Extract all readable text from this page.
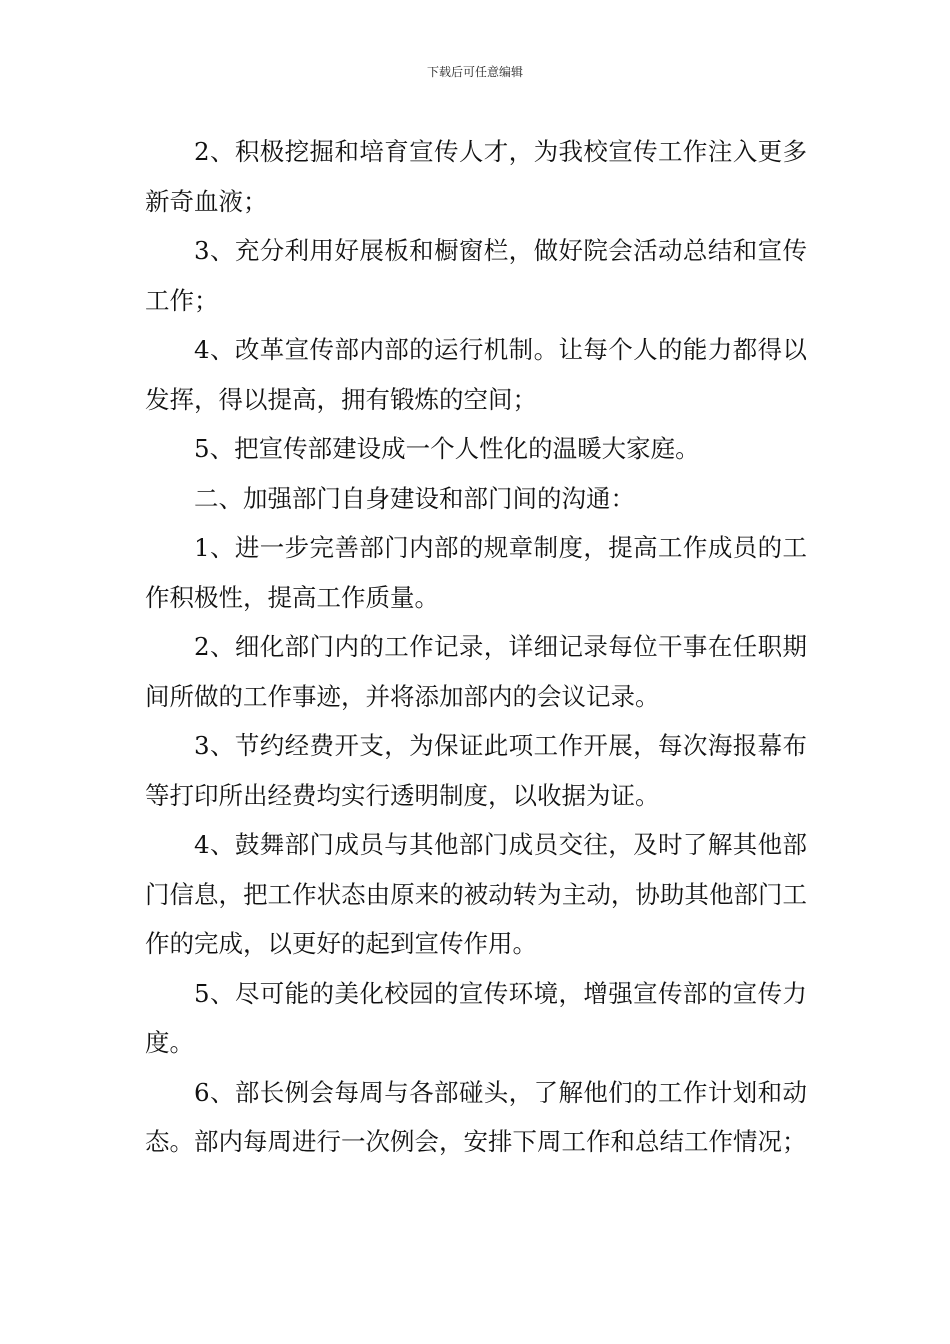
下载后可任意编辑

2、积极挖掘和培育宣传人才，为我校宣传工作注入更多新奇血液；

3、充分利用好展板和橱窗栏，做好院会活动总结和宣传工作；

4、改革宣传部内部的运行机制。让每个人的能力都得以发挥，得以提高，拥有锻炼的空间；

5、把宣传部建设成一个人性化的温暖大家庭。

二、加强部门自身建设和部门间的沟通：

1、进一步完善部门内部的规章制度，提高工作成员的工作积极性，提高工作质量。

2、细化部门内的工作记录，详细记录每位干事在任职期间所做的工作事迹，并将添加部内的会议记录。

3、节约经费开支，为保证此项工作开展，每次海报幕布等打印所出经费均实行透明制度，以收据为证。

4、鼓舞部门成员与其他部门成员交往，及时了解其他部门信息，把工作状态由原来的被动转为主动，协助其他部门工作的完成，以更好的起到宣传作用。

5、尽可能的美化校园的宣传环境，增强宣传部的宣传力度。

6、部长例会每周与各部碰头，了解他们的工作计划和动态。部内每周进行一次例会，安排下周工作和总结工作情况；
